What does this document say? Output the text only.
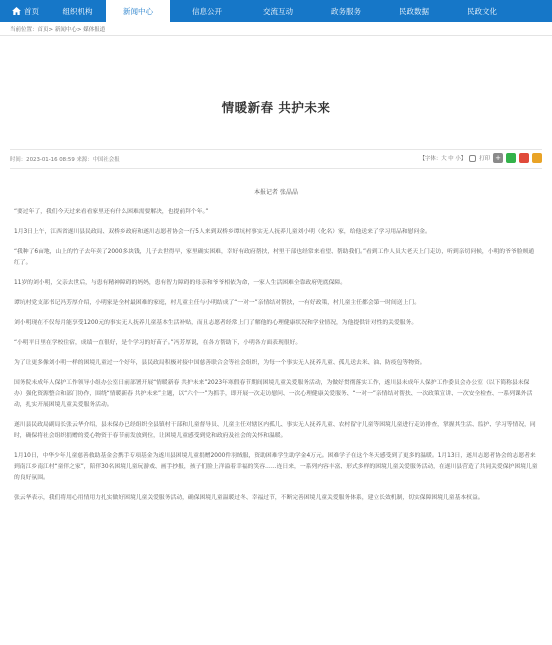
首页	组织机构	新闻中心	信息公开	交流互动	政务服务	民政数据	民政文化
当前位置：首页> 新闻中心> 媒体报道
情暖新春 共护未来
时间：2023-01-16 08:59 来源：中国社会报	【字体：大 中 小】 打印 +
本报记者 张晶晶

“要过年了，我们今天过来看看家里还有什么困难需要解决，也提前拜个年。”

1月3日上午，江西省遂川县民政局、双桥乡政府和遂川志愿者协会一行5人来到双桥乡谭坑村事实无人抚养儿童刘小明（化名）家，给他送来了学习用品和慰问金。

“我种了6亩地，山上的竹子去年卖了2000多块钱，儿子去世得早，家里确实困难，幸好有政府帮扶，村里干部也经常来看望、帮助我们。”看到工作人员大老天上门走访，听到亲切问候，小明的爷爷脸颊通红了。

11岁的刘小明，父亲去世后，与患有精神障碍的妈妈，患有智力障碍的母亲和爷爷相依为命，一家人生活困难全靠政府兜底保障。

谭坑村党支部书记冯芳厚介绍，小明家是全村最困难的家庭，村儿童主任与小明结成了“一对一”亲情结对帮扶，一有好政策，村儿童主任都会第一时间送上门。

刘小明现在不仅每月能享受1200元的事实无人抚养儿童基本生活补贴，而且志愿者经常上门了解他的心理健康状况和学业情况，为他提供针对性的关爱服务。

“小明平日里在学校住宿，成绩一直很好，是个学习的好苗子。”冯芳厚说，在各方帮助下，小明各方面表现很好。

为了让更多像刘小明一样的困境儿童过一个好年，县民政局积极对接中国慈善联合会等社会组织，为每一个事实无人抚养儿童、孤儿送去米、油、防疫包等物资。

国务院未成年人保护工作领导小组办公室日前部署开展“情暖新春 共护未来”2023年寒假春节期间困境儿童关爱服务活动，为做好贯彻落实工作，遂川县未成年人保护工作委员会办公室（以下简称县未保办）强化资源整合和部门协作，围绕“情暖新春 共护未来”主题，以“六个一”为抓手，即开展一次走访慰问、一次心理健康关爱服务、“一对一”亲情结对帮扶、一次政策宣讲、一次安全检查、一系列课外活动，扎实开展困境儿童关爱服务活动。

遂川县民政局副局长张云华介绍，县未保办已经组织全县镇村干部和儿童督导员、儿童主任对辖区内孤儿、事实无人抚养儿童、农村留守儿童等困境儿童进行走访排查，掌握其生活、监护、学习等情况，同时，确保将社会组织捐赠的爱心物资于春节前发放到位，让困境儿童感受到党和政府及社会的关怀和温暖。

1月10日，中华少年儿童慈善救助基金会携手专项基金为遂川县困境儿童捐赠2000件羽绒服，资助困难学生助学金4万元。困难学子在这个冬天感受到了更多的温暖。1月13日，遂川志愿者协会的志愿者来到南江乡南江村“童伴之家”，陪伴30名困境儿童玩游戏、画手抄报，孩子们脸上洋溢着幸福的笑容……连日来，一系列内容丰富、形式多样的困境儿童关爱服务活动，在遂川县营造了共同关爱保护困境儿童的良好氛围。

张云华表示，我们将用心用情用力扎实做好困境儿童关爱服务活动，确保困境儿童温暖过冬、幸福过节，不断完善困境儿童关爱服务体系，建立长效机制，切实保障困境儿童基本权益。
